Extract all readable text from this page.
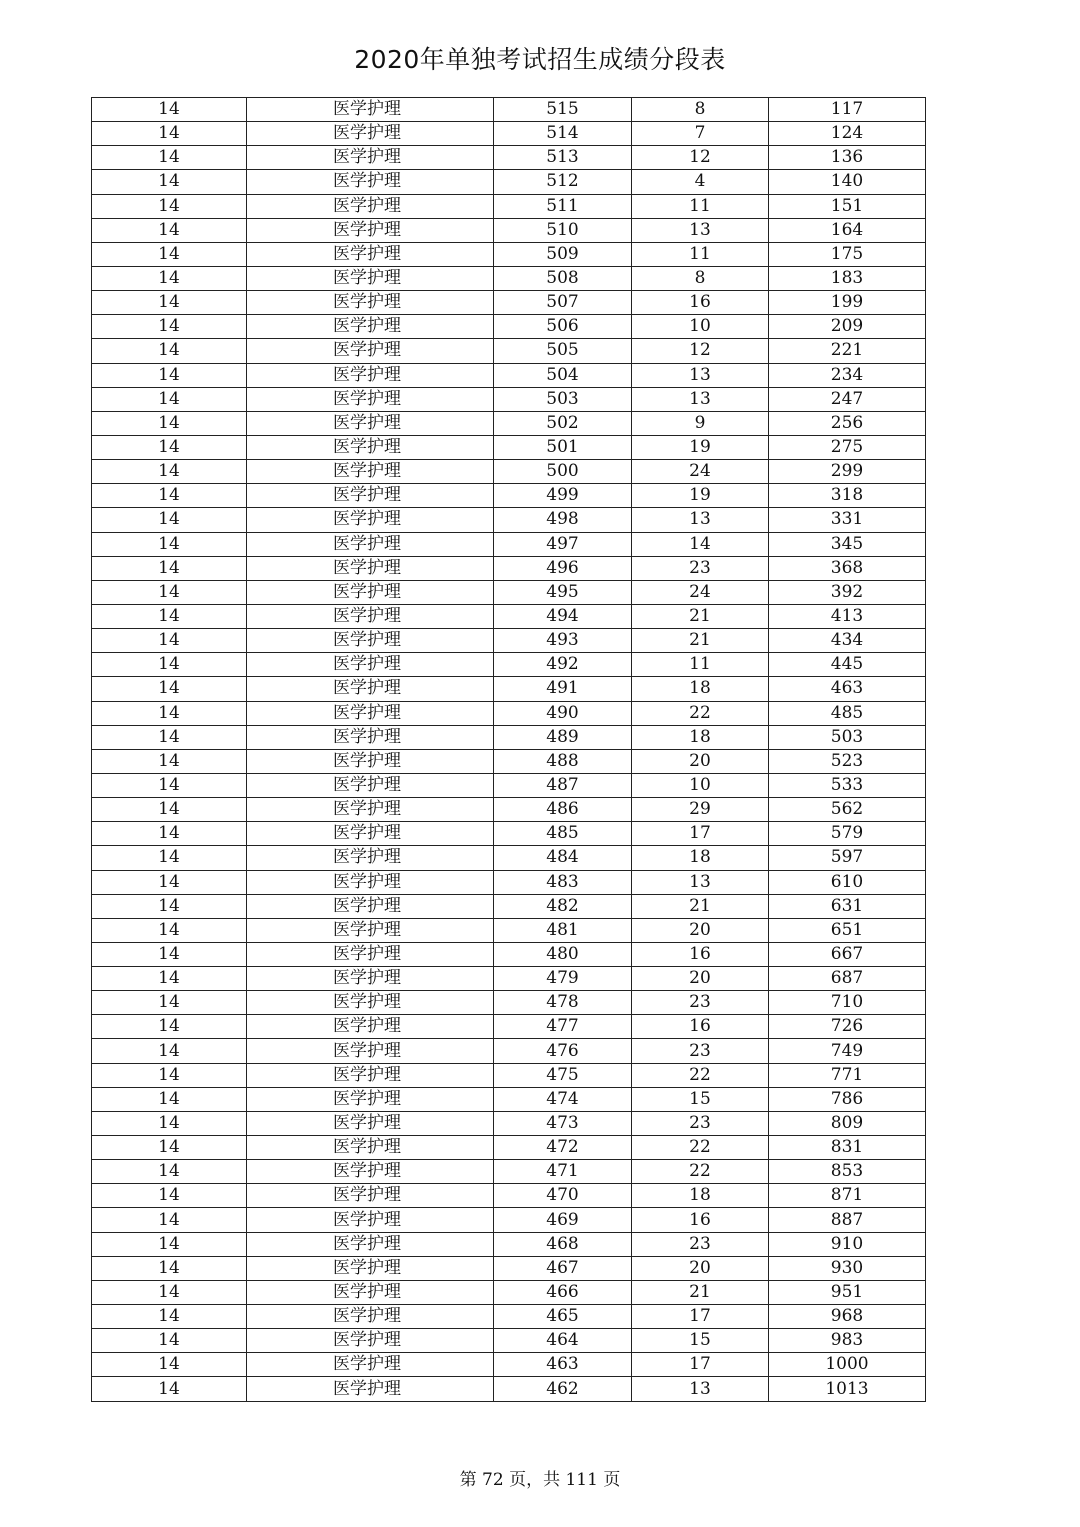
2020年单独考试招生成绩分段表
14	医学护理	515	8	117
14	医学护理	514	7	124
14	医学护理	513	12	136
14	医学护理	512	4	140
14	医学护理	511	11	151
14	医学护理	510	13	164
14	医学护理	509	11	175
14	医学护理	508	8	183
14	医学护理	507	16	199
14	医学护理	506	10	209
14	医学护理	505	12	221
14	医学护理	504	13	234
14	医学护理	503	13	247
14	医学护理	502	9	256
14	医学护理	501	19	275
14	医学护理	500	24	299
14	医学护理	499	19	318
14	医学护理	498	13	331
14	医学护理	497	14	345
14	医学护理	496	23	368
14	医学护理	495	24	392
14	医学护理	494	21	413
14	医学护理	493	21	434
14	医学护理	492	11	445
14	医学护理	491	18	463
14	医学护理	490	22	485
14	医学护理	489	18	503
14	医学护理	488	20	523
14	医学护理	487	10	533
14	医学护理	486	29	562
14	医学护理	485	17	579
14	医学护理	484	18	597
14	医学护理	483	13	610
14	医学护理	482	21	631
14	医学护理	481	20	651
14	医学护理	480	16	667
14	医学护理	479	20	687
14	医学护理	478	23	710
14	医学护理	477	16	726
14	医学护理	476	23	749
14	医学护理	475	22	771
14	医学护理	474	15	786
14	医学护理	473	23	809
14	医学护理	472	22	831
14	医学护理	471	22	853
14	医学护理	470	18	871
14	医学护理	469	16	887
14	医学护理	468	23	910
14	医学护理	467	20	930
14	医学护理	466	21	951
14	医学护理	465	17	968
14	医学护理	464	15	983
14	医学护理	463	17	1000
14	医学护理	462	13	1013
第 72 页，共 111 页
